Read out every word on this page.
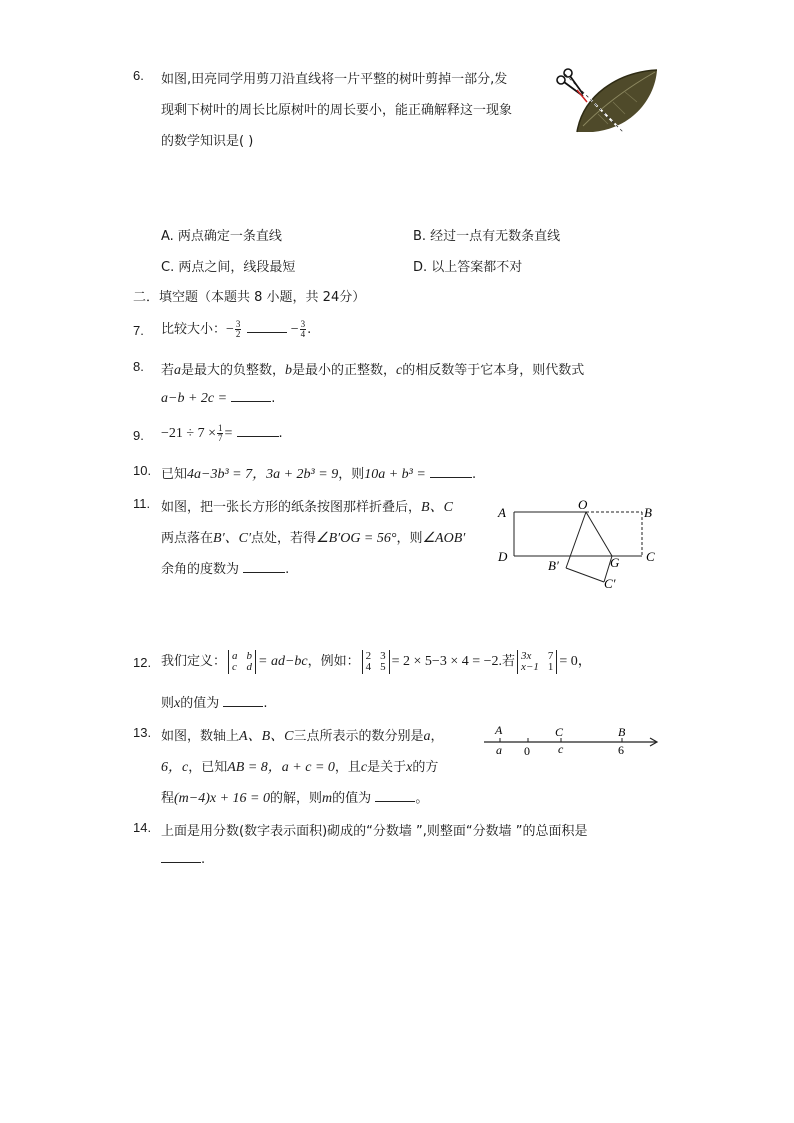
6. 如图,田亮同学用剪刀沿直线将一片平整的树叶剪掉一部分,发
现剩下树叶的周长比原树叶的周长要小，能正确解释这一现象
的数学知识是( )
A. 两点确定一条直线	B. 经过一点有无数条直线
C. 两点之间，线段最短	D. 以上答案都不对
二．填空题（本题共 8 小题，共 24分）
7. 比较大小：− $\frac{3}{2}$	− $\frac{3}{4}$ .
8. 若a是最大的负整数，b是最小的正整数，c的相反数等于它本身，则代数式
a−b + 2c =	.
9. $-21 \div 7 \times \frac{1}{7}$ =	.
10. 已知4a−3b³ = 7，3a + 2b³ = 9，则10a + b³ =	.
11. 如图，把一张长方形的纸条按图那样折叠后，B、C
两点落在B′、C′点处，若得∠B′OG = 56°，则∠AOB′
余角的度数为	.
A
O
B
D	G C
B′
C′
12. 我们定义： a b
c d = ad−bc，例如： 2 3
4 5 = 2 × 5−3 × 4 = −2.若 3x	7
x−1 1 = 0，
则x的值为	.
13. 如图，数轴上A、B、C三点所表示的数分别是a，
6，c，已知AB = 8，a + c = 0，且c是关于x的方
程(m−4)x + 16 = 0的解，则m的值为	。
A
a 0
C
c
B
6
14. 上面是用分数(数字表示面积)砌成的“分数墙 ”,则整面“分数墙 ”的总面积是
.
